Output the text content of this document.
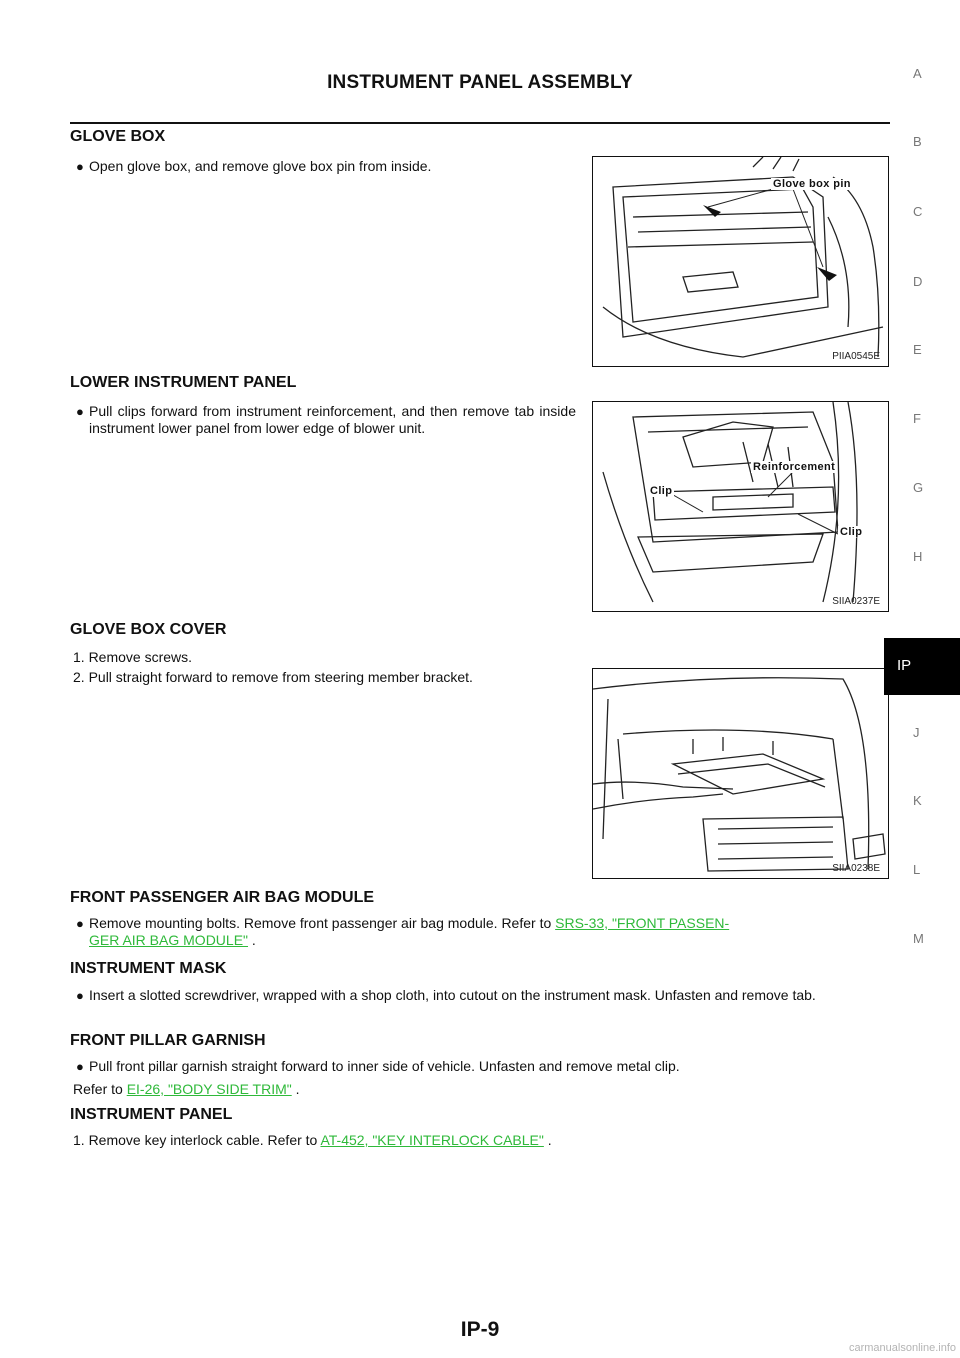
INSTRUMENT PANEL ASSEMBLY
GLOVE BOX
● Open glove box, and remove glove box pin from inside.
Glove box pin
PIIA0545E
LOWER INSTRUMENT PANEL
● Pull clips forward from instrument reinforcement, and then remove tab inside instrument lower panel from lower edge of blower unit.
Reinforcement
Clip
Clip
SIIA0237E
GLOVE BOX COVER
1. Remove screws.
2. Pull straight forward to remove from steering member bracket.
SIIA0238E
FRONT PASSENGER AIR BAG MODULE
● Remove mounting bolts. Remove front passenger air bag module. Refer to SRS-33, "FRONT PASSEN-
GER AIR BAG MODULE" .
INSTRUMENT MASK
● Insert a slotted screwdriver, wrapped with a shop cloth, into cutout on the instrument mask. Unfasten and remove tab.
FRONT PILLAR GARNISH
● Pull front pillar garnish straight forward to inner side of vehicle. Unfasten and remove metal clip.
Refer to EI-26, "BODY SIDE TRIM" .
INSTRUMENT PANEL
1. Remove key interlock cable. Refer to AT-452, "KEY INTERLOCK CABLE" .
A
B
C
D
E
F
G
H
J
K
L
M
IP
IP-9
carmanualsonline.info
